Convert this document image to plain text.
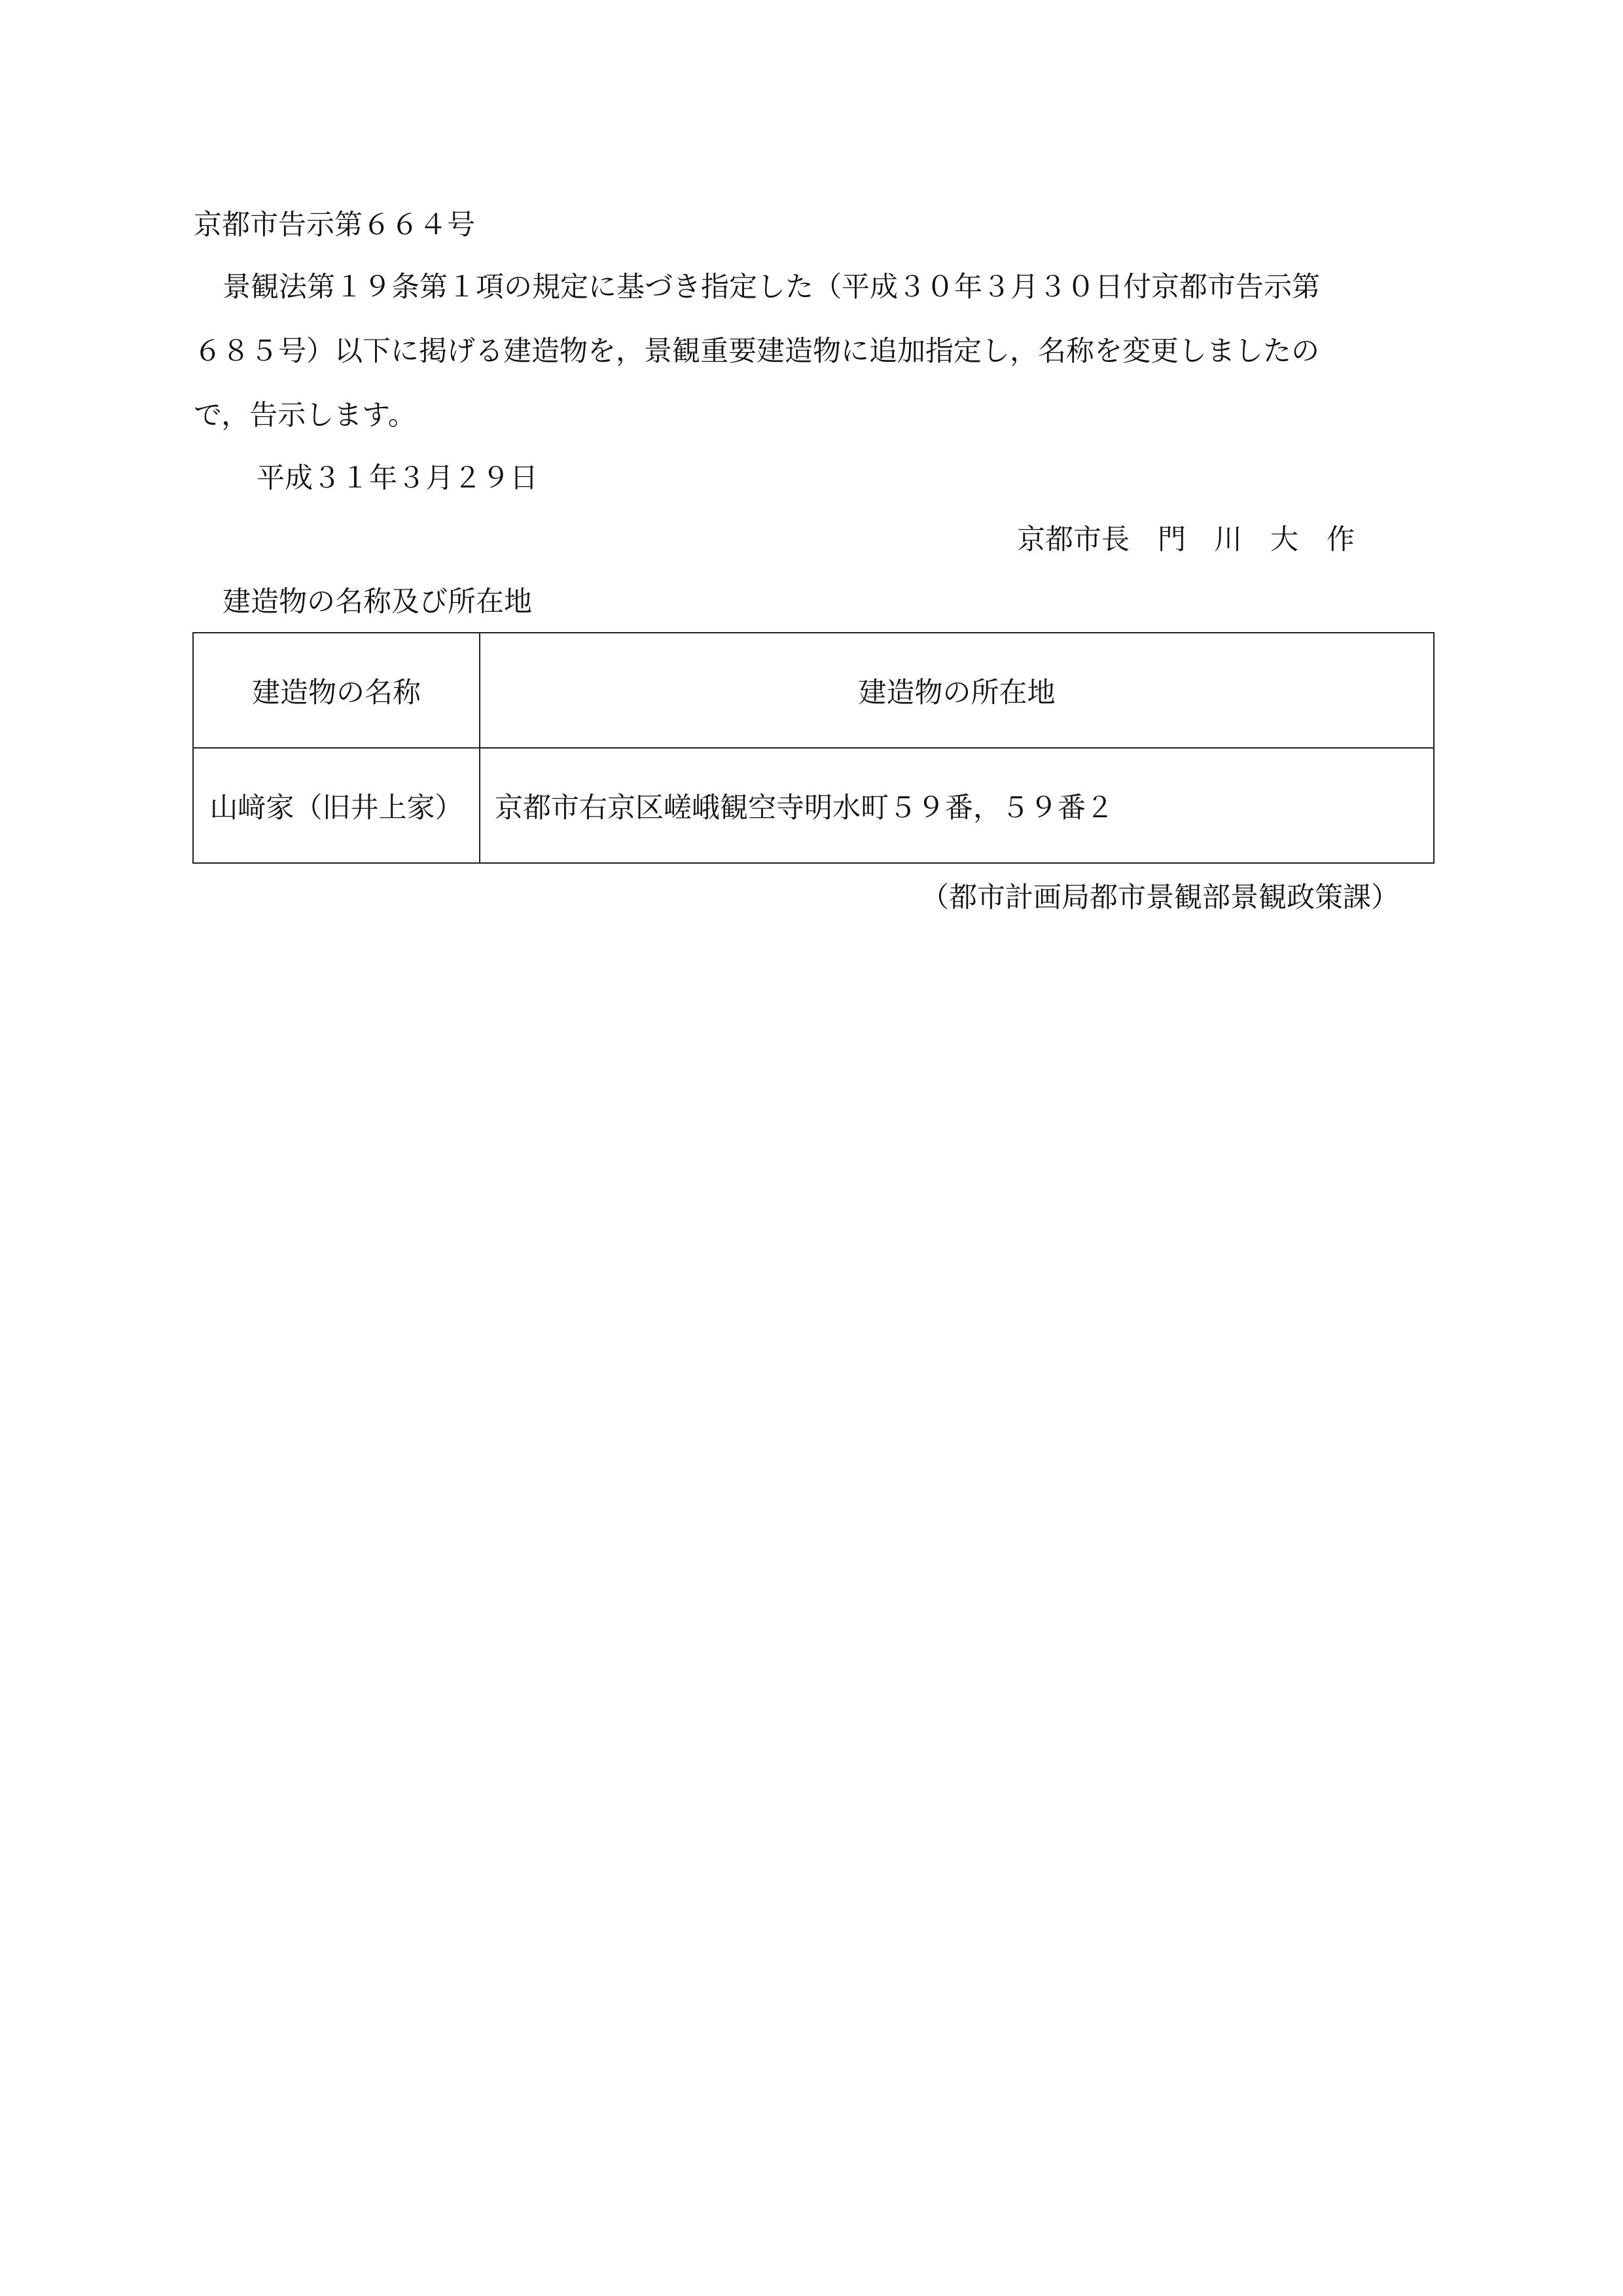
京都市告示第６６４号
景観法第１９条第１項の規定に基づき指定した（平成３０年３月３０日付京都市告示第
６８５号）以下に掲げる建造物を，景観重要建造物に追加指定し，名称を変更しましたの
で，告示します。
平成３１年３月２９日
京都市長　門　川　大　作
建造物の名称及び所在地
建造物の名称	建造物の所在地
山﨑家（旧井上家）	京都市右京区嵯峨観空寺明水町５９番，５９番２
（都市計画局都市景観部景観政策課）
